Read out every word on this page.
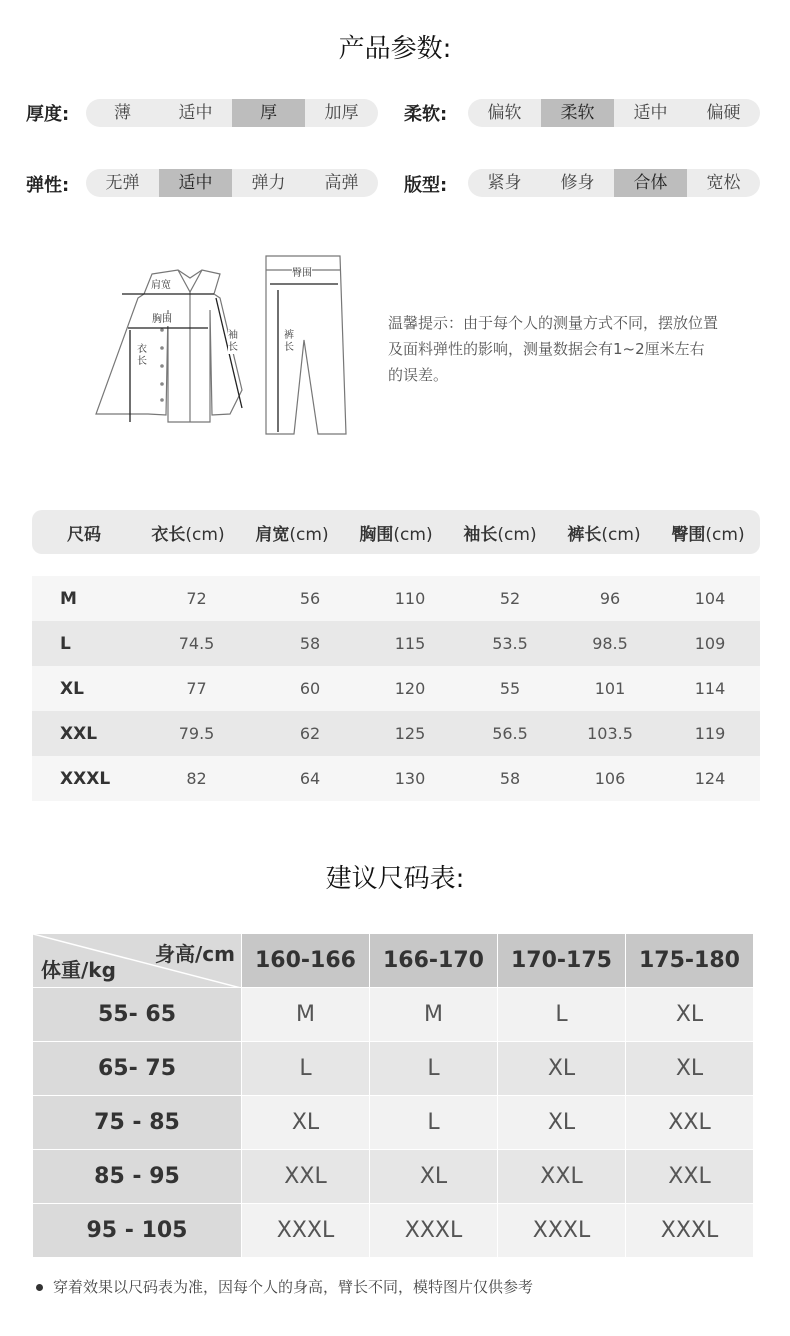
产品参数:
厚度:	薄	适中	厚	加厚	柔软:	偏软	柔软	适中	偏硬
弹性:	无弹	适中	弹力	高弹	版型:	紧身	修身	合体	宽松
肩宽
胸围
衣长
袖长
臀围
裤长
温馨提示：由于每个人的测量方式不同，摆放位置及面料弹性的影响，测量数据会有1~2厘米左右的误差。
尺码	衣长(cm)	肩宽(cm)	胸围(cm)	袖长(cm)	裤长(cm)	臀围(cm)
M	72	56	110	52	96	104
L	74.5	58	115	53.5	98.5	109
XL	77	60	120	55	101	114
XXL	79.5	62	125	56.5	103.5	119
XXXL	82	64	130	58	106	124
建议尺码表:
身高/cm
体重/kg	160-166	166-170	170-175	175-180
55- 65	M	M	L	XL
65- 75	L	L	XL	XL
75 - 85	XL	L	XL	XXL
85 - 95	XXL	XL	XXL	XXL
95 - 105	XXXL	XXXL	XXXL	XXXL
穿着效果以尺码表为准，因每个人的身高，臂长不同，模特图片仅供参考
